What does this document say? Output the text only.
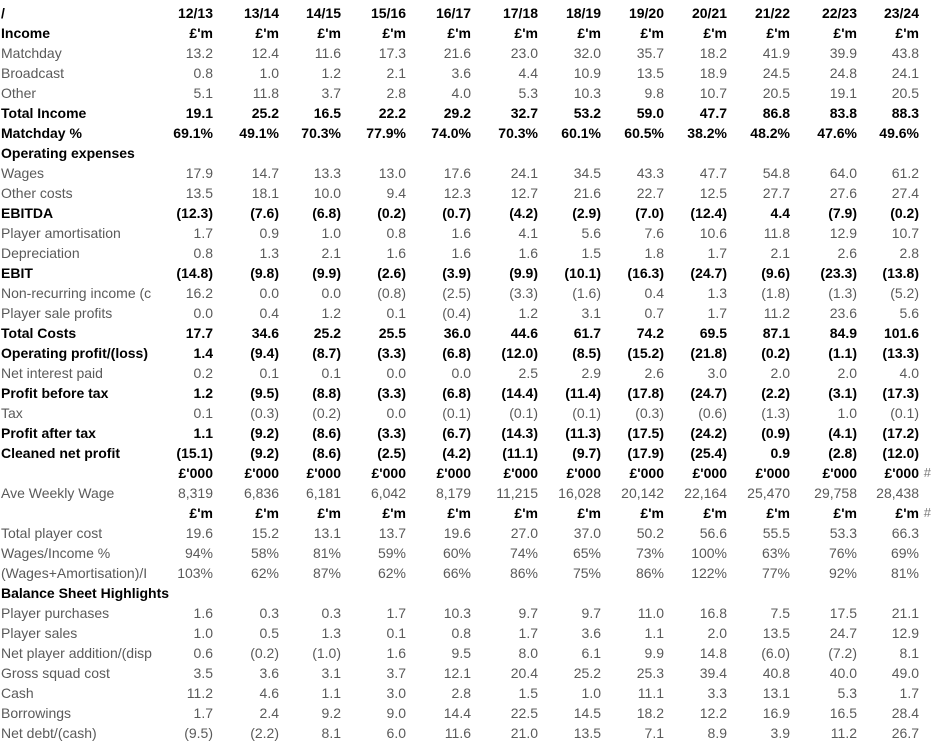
/	12/13	13/14	14/15	15/16	16/17	17/18	18/19	19/20	20/21	21/22	22/23	23/24
Income	£'m	£'m	£'m	£'m	£'m	£'m	£'m	£'m	£'m	£'m	£'m	£'m
Matchday	13.2	12.4	11.6	17.3	21.6	23.0	32.0	35.7	18.2	41.9	39.9	43.8
Broadcast	0.8	1.0	1.2	2.1	3.6	4.4	10.9	13.5	18.9	24.5	24.8	24.1
Other	5.1	11.8	3.7	2.8	4.0	5.3	10.3	9.8	10.7	20.5	19.1	20.5
Total Income	19.1	25.2	16.5	22.2	29.2	32.7	53.2	59.0	47.7	86.8	83.8	88.3
Matchday %	69.1%	49.1%	70.3%	77.9%	74.0%	70.3%	60.1%	60.5%	38.2%	48.2%	47.6%	49.6%
Operating expenses
Wages	17.9	14.7	13.3	13.0	17.6	24.1	34.5	43.3	47.7	54.8	64.0	61.2
Other costs	13.5	18.1	10.0	9.4	12.3	12.7	21.6	22.7	12.5	27.7	27.6	27.4
EBITDA	(12.3)	(7.6)	(6.8)	(0.2)	(0.7)	(4.2)	(2.9)	(7.0)	(12.4)	4.4	(7.9)	(0.2)
Player amortisation	1.7	0.9	1.0	0.8	1.6	4.1	5.6	7.6	10.6	11.8	12.9	10.7
Depreciation	0.8	1.3	2.1	1.6	1.6	1.6	1.5	1.8	1.7	2.1	2.6	2.8
EBIT	(14.8)	(9.8)	(9.9)	(2.6)	(3.9)	(9.9)	(10.1)	(16.3)	(24.7)	(9.6)	(23.3)	(13.8)
Non-recurring income (c	16.2	0.0	0.0	(0.8)	(2.5)	(3.3)	(1.6)	0.4	1.3	(1.8)	(1.3)	(5.2)
Player sale profits	0.0	0.4	1.2	0.1	(0.4)	1.2	3.1	0.7	1.7	11.2	23.6	5.6
Total Costs	17.7	34.6	25.2	25.5	36.0	44.6	61.7	74.2	69.5	87.1	84.9	101.6
Operating profit/(loss)	1.4	(9.4)	(8.7)	(3.3)	(6.8)	(12.0)	(8.5)	(15.2)	(21.8)	(0.2)	(1.1)	(13.3)
Net interest paid	0.2	0.1	0.1	0.0	0.0	2.5	2.9	2.6	3.0	2.0	2.0	4.0
Profit before tax	1.2	(9.5)	(8.8)	(3.3)	(6.8)	(14.4)	(11.4)	(17.8)	(24.7)	(2.2)	(3.1)	(17.3)
Tax	0.1	(0.3)	(0.2)	0.0	(0.1)	(0.1)	(0.1)	(0.3)	(0.6)	(1.3)	1.0	(0.1)
Profit after tax	1.1	(9.2)	(8.6)	(3.3)	(6.7)	(14.3)	(11.3)	(17.5)	(24.2)	(0.9)	(4.1)	(17.2)
Cleaned net profit	(15.1)	(9.2)	(8.6)	(2.5)	(4.2)	(11.1)	(9.7)	(17.9)	(25.4)	0.9	(2.8)	(12.0)
£'000	£'000	£'000	£'000	£'000	£'000	£'000	£'000	£'000	£'000	£'000	£'000 #
Ave Weekly Wage	8,319	6,836	6,181	6,042	8,179	11,215	16,028	20,142	22,164	25,470	29,758	28,438
£'m	£'m	£'m	£'m	£'m	£'m	£'m	£'m	£'m	£'m	£'m	£'m #
Total player cost	19.6	15.2	13.1	13.7	19.6	27.0	37.0	50.2	56.6	55.5	53.3	66.3
Wages/Income %	94%	58%	81%	59%	60%	74%	65%	73%	100%	63%	76%	69%
(Wages+Amortisation)/I	103%	62%	87%	62%	66%	86%	75%	86%	122%	77%	92%	81%
Balance Sheet Highlights
Player purchases	1.6	0.3	0.3	1.7	10.3	9.7	9.7	11.0	16.8	7.5	17.5	21.1
Player sales	1.0	0.5	1.3	0.1	0.8	1.7	3.6	1.1	2.0	13.5	24.7	12.9
Net player addition/(disp	0.6	(0.2)	(1.0)	1.6	9.5	8.0	6.1	9.9	14.8	(6.0)	(7.2)	8.1
Gross squad cost	3.5	3.6	3.1	3.7	12.1	20.4	25.2	25.3	39.4	40.8	40.0	49.0
Cash	11.2	4.6	1.1	3.0	2.8	1.5	1.0	11.1	3.3	13.1	5.3	1.7
Borrowings	1.7	2.4	9.2	9.0	14.4	22.5	14.5	18.2	12.2	16.9	16.5	28.4
Net debt/(cash)	(9.5)	(2.2)	8.1	6.0	11.6	21.0	13.5	7.1	8.9	3.9	11.2	26.7
